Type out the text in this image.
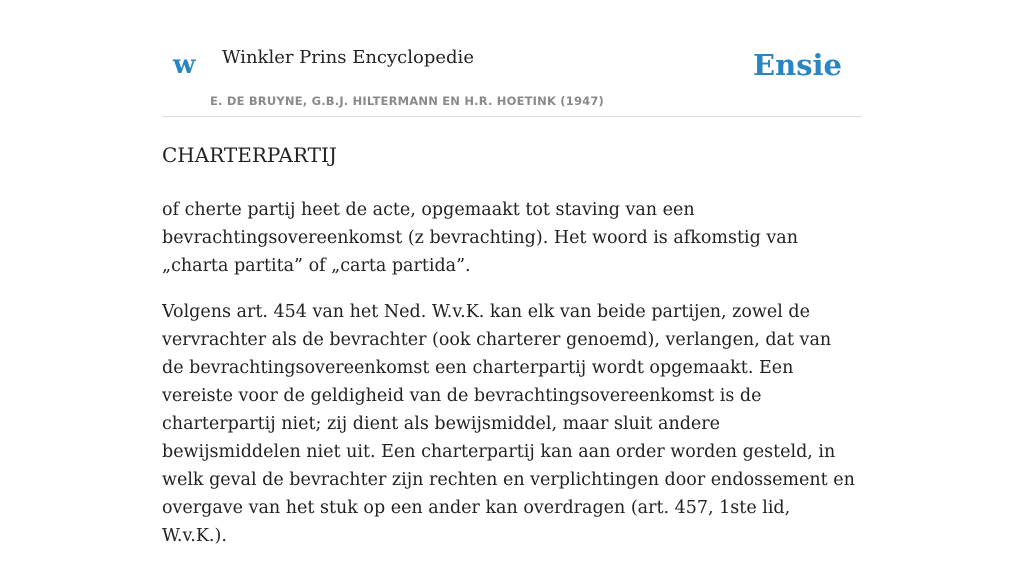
w Winkler Prins Encyclopedie
E. DE BRUYNE, G.B.J. HILTERMANN EN H.R. HOETINK (1947)
Ensie
CHARTERPARTIJ

of cherte partij heet de acte, opgemaakt tot staving van een bevrachtingsovereenkomst (z bevrachting). Het woord is afkomstig van „charta partita” of „carta partida”.

Volgens art. 454 van het Ned. W.v.K. kan elk van beide partijen, zowel de vervrachter als de bevrachter (ook charterer genoemd), verlangen, dat van de bevrachtingsovereenkomst een charterpartij wordt opgemaakt. Een vereiste voor de geldigheid van de bevrachtingsovereenkomst is de charterpartij niet; zij dient als bewijsmiddel, maar sluit andere bewijsmiddelen niet uit. Een charterpartij kan aan order worden gesteld, in welk geval de bevrachter zijn rechten en verplichtingen door endossement en overgave van het stuk op een ander kan overdragen (art. 457, 1ste lid, W.v.K.).
